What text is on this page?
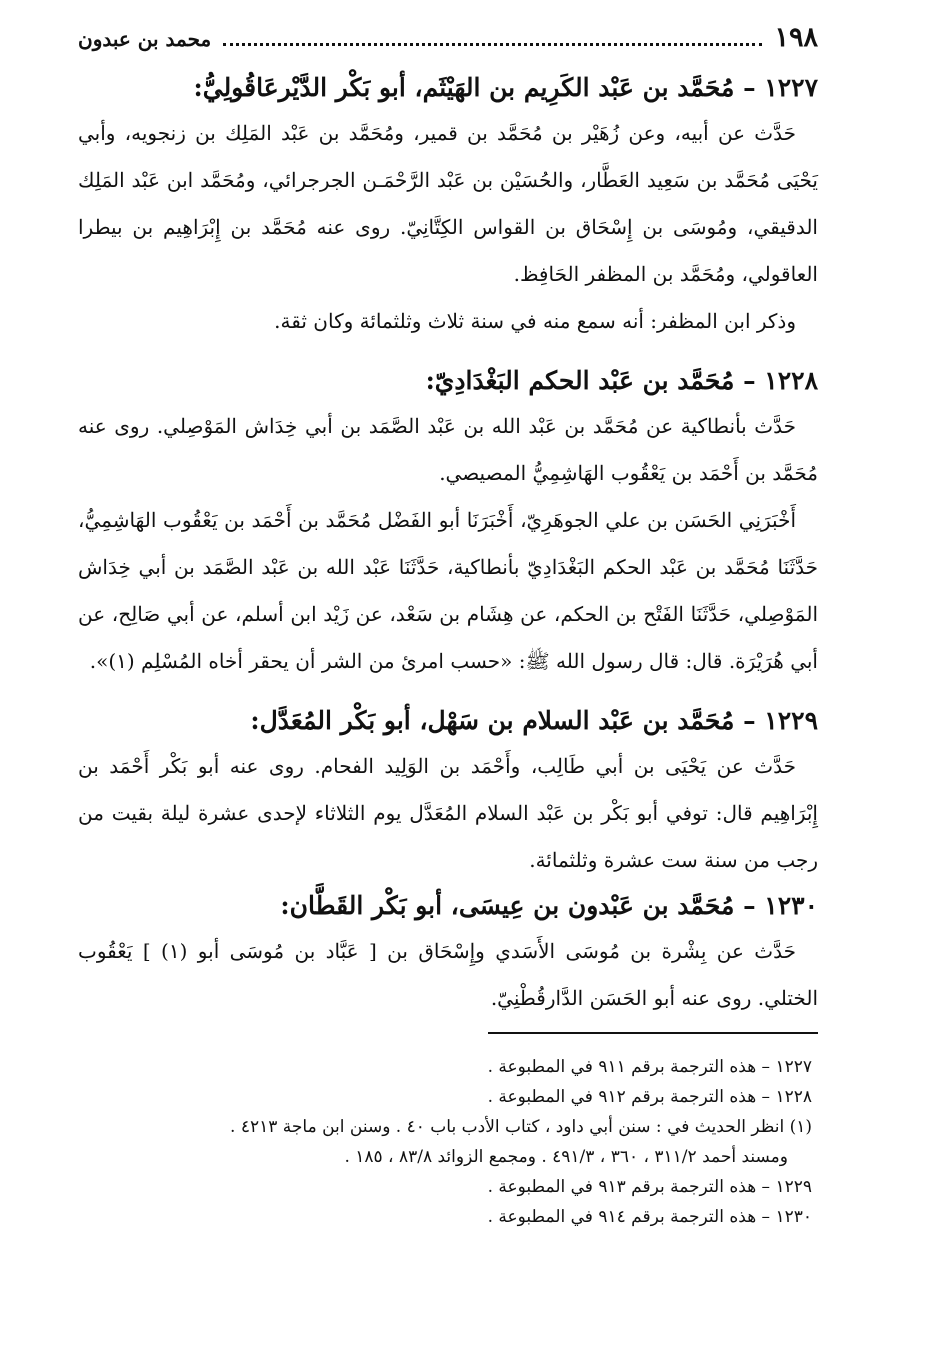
١٩٨
محمد بن عبدون
١٢٢٧ – مُحَمَّد بن عَبْد الكَرِيم بن الهَيْثَم، أبو بَكْر الدَّيْرعَاقُولِيُّ:

حَدَّث عن أبيه، وعن زُهَيْر بن مُحَمَّد بن قمير، ومُحَمَّد بن عَبْد المَلِك بن زنجويه، وأبي يَحْيَى مُحَمَّد بن سَعِيد العَطَّار، والحُسَيْن بن عَبْد الرَّحْمَـن الجرجرائي، ومُحَمَّد ابن عَبْد المَلِك الدقيقي، ومُوسَى بن إِسْحَاق بن القواس الكِتَّانِيّ. روى عنه مُحَمَّد بن إِبْرَاهِيم بن بيطرا العاقولي، ومُحَمَّد بن المظفر الحَافِظ.

وذكر ابن المظفر: أنه سمع منه في سنة ثلاث وثلثمائة وكان ثقة.

١٢٢٨ – مُحَمَّد بن عَبْد الحكم البَغْدَادِيّ:

حَدَّث بأنطاكية عن مُحَمَّد بن عَبْد الله بن عَبْد الصَّمَد بن أبي خِدَاش المَوْصِلي. روى عنه مُحَمَّد بن أَحْمَد بن يَعْقُوب الهَاشِمِيُّ المصيصي.

أَخْبَرَنِي الحَسَن بن علي الجوهَرِيّ، أَخْبَرَنَا أبو الفَضْل مُحَمَّد بن أَحْمَد بن يَعْقُوب الهَاشِمِيُّ، حَدَّثَنَا مُحَمَّد بن عَبْد الحكم البَغْدَادِيّ بأنطاكية، حَدَّثَنَا عَبْد الله بن عَبْد الصَّمَد بن أبي خِدَاش المَوْصِلي، حَدَّثَنَا الفَتْح بن الحكم، عن هِشَام بن سَعْد، عن زَيْد ابن أسلم، عن أبي صَالِح، عن أبي هُرَيْرَة. قال: قال رسول الله ﷺ: «حسب امرئ من الشر أن يحقر أخاه المُسْلِم (١)».

١٢٢٩ – مُحَمَّد بن عَبْد السلام بن سَهْل، أبو بَكْر المُعَدَّل:

حَدَّث عن يَحْيَى بن أبي طَالِب، وأَحْمَد بن الوَلِيد الفحام. روى عنه أبو بَكْر أَحْمَد بن إِبْرَاهِيم قال: توفي أبو بَكْر بن عَبْد السلام المُعَدَّل يوم الثلاثاء لإحدى عشرة ليلة بقيت من رجب من سنة ست عشرة وثلثمائة.

١٢٣٠ – مُحَمَّد بن عَبْدون بن عِيسَى، أبو بَكْر القَطَّان:

حَدَّث عن بِشْرة بن مُوسَى الأَسَدي وإِسْحَاق بن [ عَبَّاد بن مُوسَى أبو (١) ] يَعْقُوب الختلي. روى عنه أبو الحَسَن الدَّارقُطْنِيّ.

١٢٢٧ – هذه الترجمة برقم ٩١١ في المطبوعة .

١٢٢٨ – هذه الترجمة برقم ٩١٢ في المطبوعة .

(١) انظر الحديث في : سنن أبي داود ، كتاب الأدب باب ٤٠ . وسنن ابن ماجة ٤٢١٣ .

ومسند أحمد ٣١١/٢ ، ٣٦٠ ، ٤٩١/٣ . ومجمع الزوائد ٨٣/٨ ، ١٨٥ .

١٢٢٩ – هذه الترجمة برقم ٩١٣ في المطبوعة .

١٢٣٠ – هذه الترجمة برقم ٩١٤ في المطبوعة .
